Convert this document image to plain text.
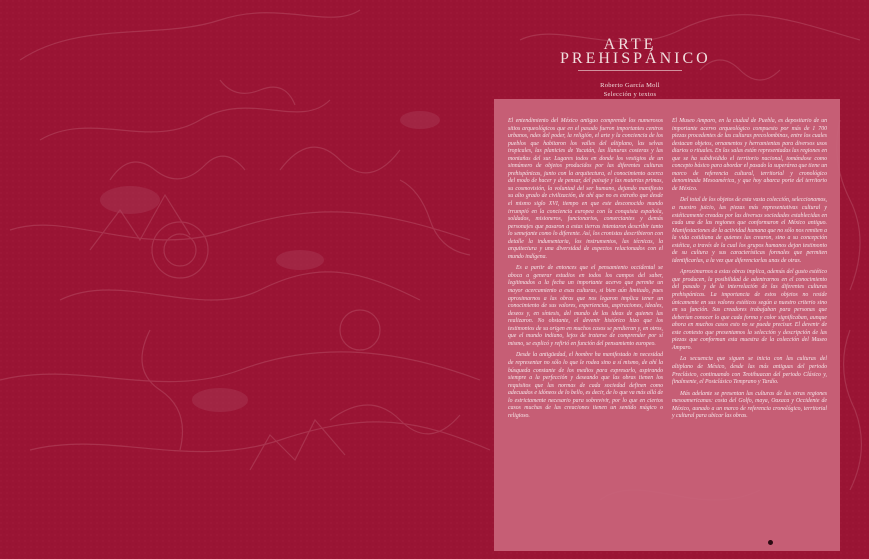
ARTE
PREHISPÁNICO
Roberto García Moll
Selección y textos

El entendimiento del México antiguo comprende los numerosos sitios arqueológicos que en el pasado fueron importantes centros urbanos, ndes del poder, la religión, el arte y la conciencia de los pueblos que habitaron los valles del altiplano, las selvas tropicales, las planicies de Yucatán, las llanuras costeras y las montañas del sur. Lugares todos en donde los vestigios de un sinnúmero de objetos producidos por las diferentes culturas prehispánicas, junto con la arquitectura, el conocimiento acerca del modo de hacer y de pensar, del paisaje y las materias primas, su cosmovisión, la voluntad del ser humano, dejando manifiesto su alto grado de civilización, de ahí que no es extraño que desde el mismo siglo XVI, tiempo en que este desconocido mundo irrumpió en la conciencia europea con la conquista española, soldados, misioneros, funcionarios, comerciantes y demás personajes que pasaron a estas tierras intentaron describir tanto lo semejante como lo diferente. Así, los cronistas describieron con detalle la indumentaria, los instrumentos, las técnicas, la arquitectura y una diversidad de aspectos relacionados con el mundo indígena.

Es a partir de entonces que el pensamiento occidental se aboca a generar estudios en todos los campos del saber, legitimados a la fecha un importante acervo que permite un mayor acercamiento a esas culturas, si bien aún limitado, pues aproximarnos a las obras que nos legaron implica tener un conocimiento de sus valores, experiencias, aspiraciones, ideales, deseos y, en síntesis, del mundo de las ideas de quienes las realizaron. No obstante, el devenir histórico hizo que los testimonios de su origen en muchos casos se perdieran y, en otros, que el mundo indiano, lejos de tratarse de comprender por sí mismo, se explicó y refirió en función del pensamiento europeo.

Desde la antigüedad, el hombre ha manifestado in necesidad de representar no sólo lo que le rodea sino a sí mismo, de ahí la búsqueda constante de los medios para expresarlo, aspirando siempre a la perfección y deseando que las obras tienen los requisitos que las normas de cada sociedad definen como adecuados e idóneos de lo bello, es decir, de lo que va más allá de lo estrictamente necesario para sobrevivir, por lo que en ciertos casos muchas de las creaciones tienen un sentido mágico o religioso.

El Museo Amparo, en la ciudad de Puebla, es depositario de un importante acervo arqueológico compuesto por más de 1 700 piezas procedentes de las culturas precolombinas, entre los cuales destacan objetos, ornamentos y herramientas para diversos usos diarios o rituales. En las salas están representadas las regiones en que se ha subdividido el territorio nacional, tomándose como concepto básico para abordar el pasado la superárea que tiene un marco de referencia cultural, territorial y cronológico denominada Mesoamérica, y que hoy abarca porte del territorio de México.

Del total de los objetos de esta vasta colección, seleccionamos, a nuestro juicio, las piezas más representativas cultural y estéticamente creadas por las diversas sociedades establecidas en cada una de las regiones que conformaron el México antiguo. Manifestaciones de la actividad humana que no sólo nos remiten a la vida cotidiana de quienes las crearon, sino a su concepción estética, a través de la cual los grupos humanos dejan testimonio de su cultura y sus características formales que permiten identificarlas, a la vez que diferenciarlas unas de otras.

Aproximarnos a estas obras implica, además del gusto estético que producen, la posibilidad de adentrarnos en el conocimiento del pasado y de la interrelación de las diferentes culturas prehispánicas. La importancia de estos objetos no reside únicamente en sus valores estéticos según a nuestro criterio sino en su función. Sus creadores trabajaban para personas que deberían conocer lo que cada forma y color significaban, aunque ahora en muchos casos esto no se pueda precisar. El devenir de este contexto que presentamos la selección y descripción de las piezas que conforman esta muestra de la colección del Museo Amparo.

La secuencia que siguen se inicia con las culturas del altiplano de México, desde las más antiguas del periodo Preclásico, continuando con Teotihuacan del periodo Clásico y, finalmente, el Postclásico Temprano y Tardío.

Más adelante se presentan las culturas de las otras regiones mesoamericanas: costa del Golfo, maya, Oaxaca y Occidente de México, aunado a un marco de referencia cronológico, territorial y cultural para ubicar las obras.
